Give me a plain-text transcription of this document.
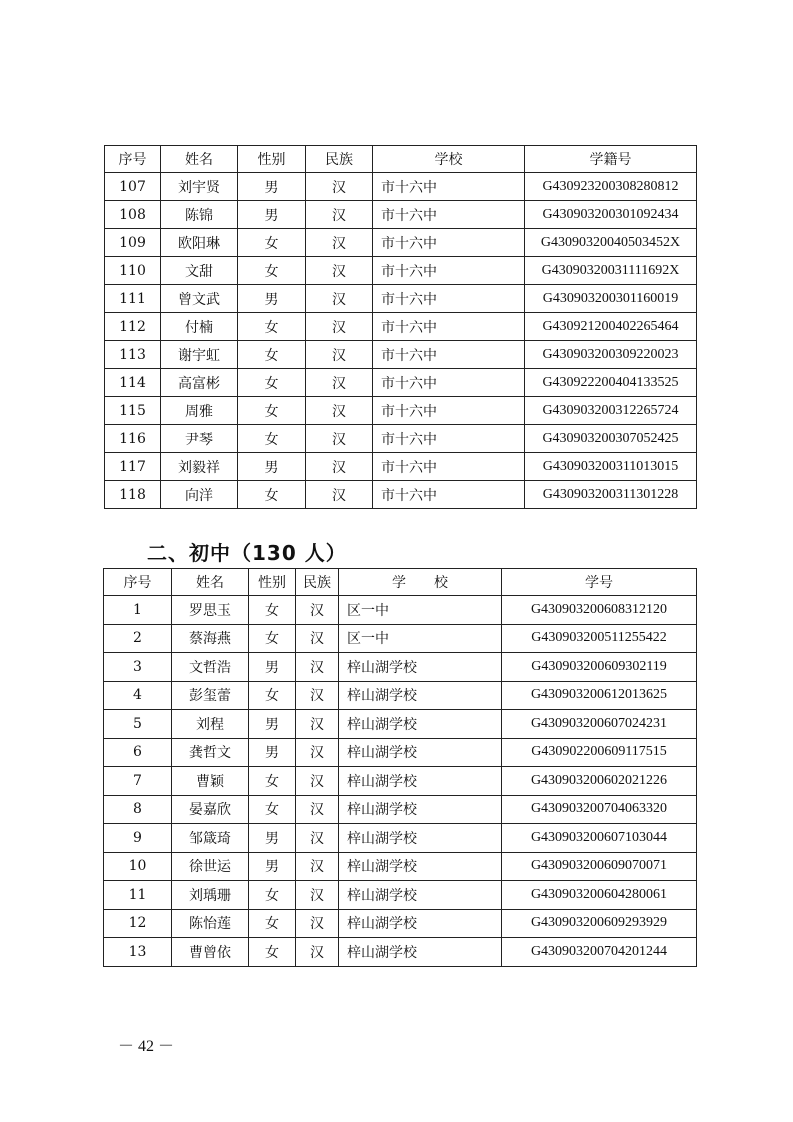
序号	姓名	性别	民族	学校	学籍号
107	刘宇贤	男	汉	市十六中	G430923200308280812
108	陈锦	男	汉	市十六中	G430903200301092434
109	欧阳琳	女	汉	市十六中	G43090320040503452X
110	文甜	女	汉	市十六中	G43090320031111692X
111	曾文武	男	汉	市十六中	G430903200301160019
112	付楠	女	汉	市十六中	G430921200402265464
113	谢宇虹	女	汉	市十六中	G430903200309220023
114	高富彬	女	汉	市十六中	G430922200404133525
115	周雅	女	汉	市十六中	G430903200312265724
116	尹琴	女	汉	市十六中	G430903200307052425
117	刘毅祥	男	汉	市十六中	G430903200311013015
118	向洋	女	汉	市十六中	G430903200311301228
二、初中（130 人）
序号	姓名	性别	民族	学　　校	学号
1	罗思玉	女	汉	区一中	G430903200608312120
2	蔡海燕	女	汉	区一中	G430903200511255422
3	文哲浩	男	汉	梓山湖学校	G430903200609302119
4	彭玺蕾	女	汉	梓山湖学校	G430903200612013625
5	刘程	男	汉	梓山湖学校	G430903200607024231
6	龚哲文	男	汉	梓山湖学校	G430902200609117515
7	曹颖	女	汉	梓山湖学校	G430903200602021226
8	晏嘉欣	女	汉	梓山湖学校	G430903200704063320
9	邹箴琦	男	汉	梓山湖学校	G430903200607103044
10	徐世运	男	汉	梓山湖学校	G430903200609070071
11	刘瑀珊	女	汉	梓山湖学校	G430903200604280061
12	陈怡莲	女	汉	梓山湖学校	G430903200609293929
13	曹曾依	女	汉	梓山湖学校	G430903200704201244
－ 42 －
